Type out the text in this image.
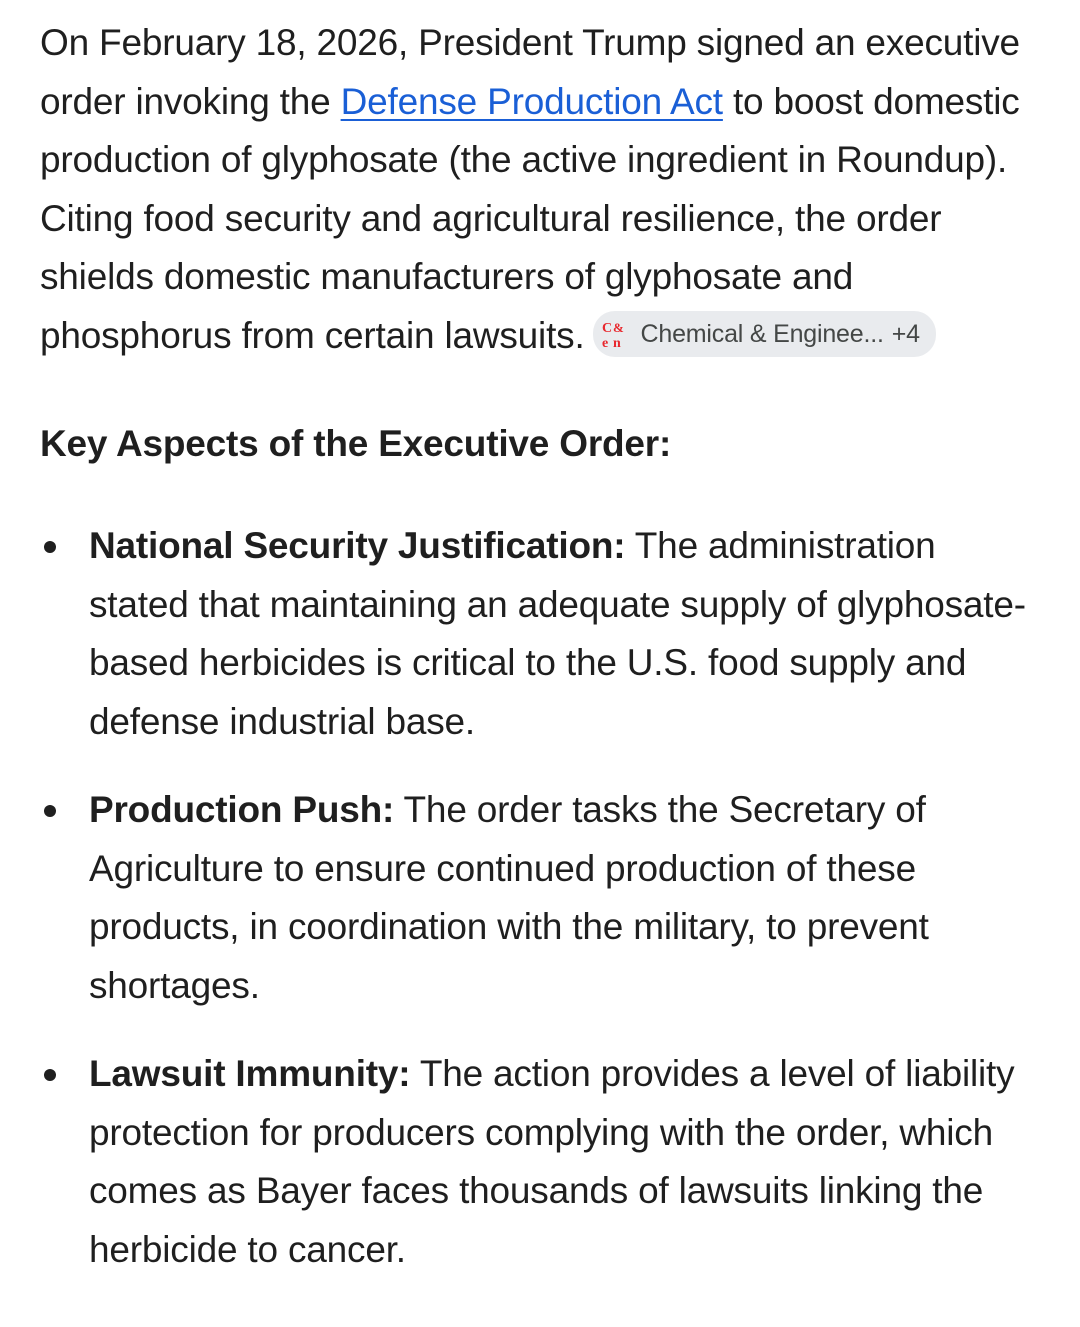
On February 18, 2026, President Trump signed an executive order invoking the Defense Production Act to boost domestic production of glyphosate (the active ingredient in Roundup). Citing food security and agricultural resilience, the order shields domestic manufacturers of glyphosate and phosphorus from certain lawsuits. C &
e n Chemical & Enginee... +4

Key Aspects of the Executive Order:
National Security Justification: The administration stated that maintaining an adequate supply of glyphosate-based herbicides is critical to the U.S. food supply and defense industrial base.
Production Push: The order tasks the Secretary of Agriculture to ensure continued production of these products, in coordination with the military, to prevent shortages.
Lawsuit Immunity: The action provides a level of liability protection for producers complying with the order, which comes as Bayer faces thousands of lawsuits linking the herbicide to cancer.
